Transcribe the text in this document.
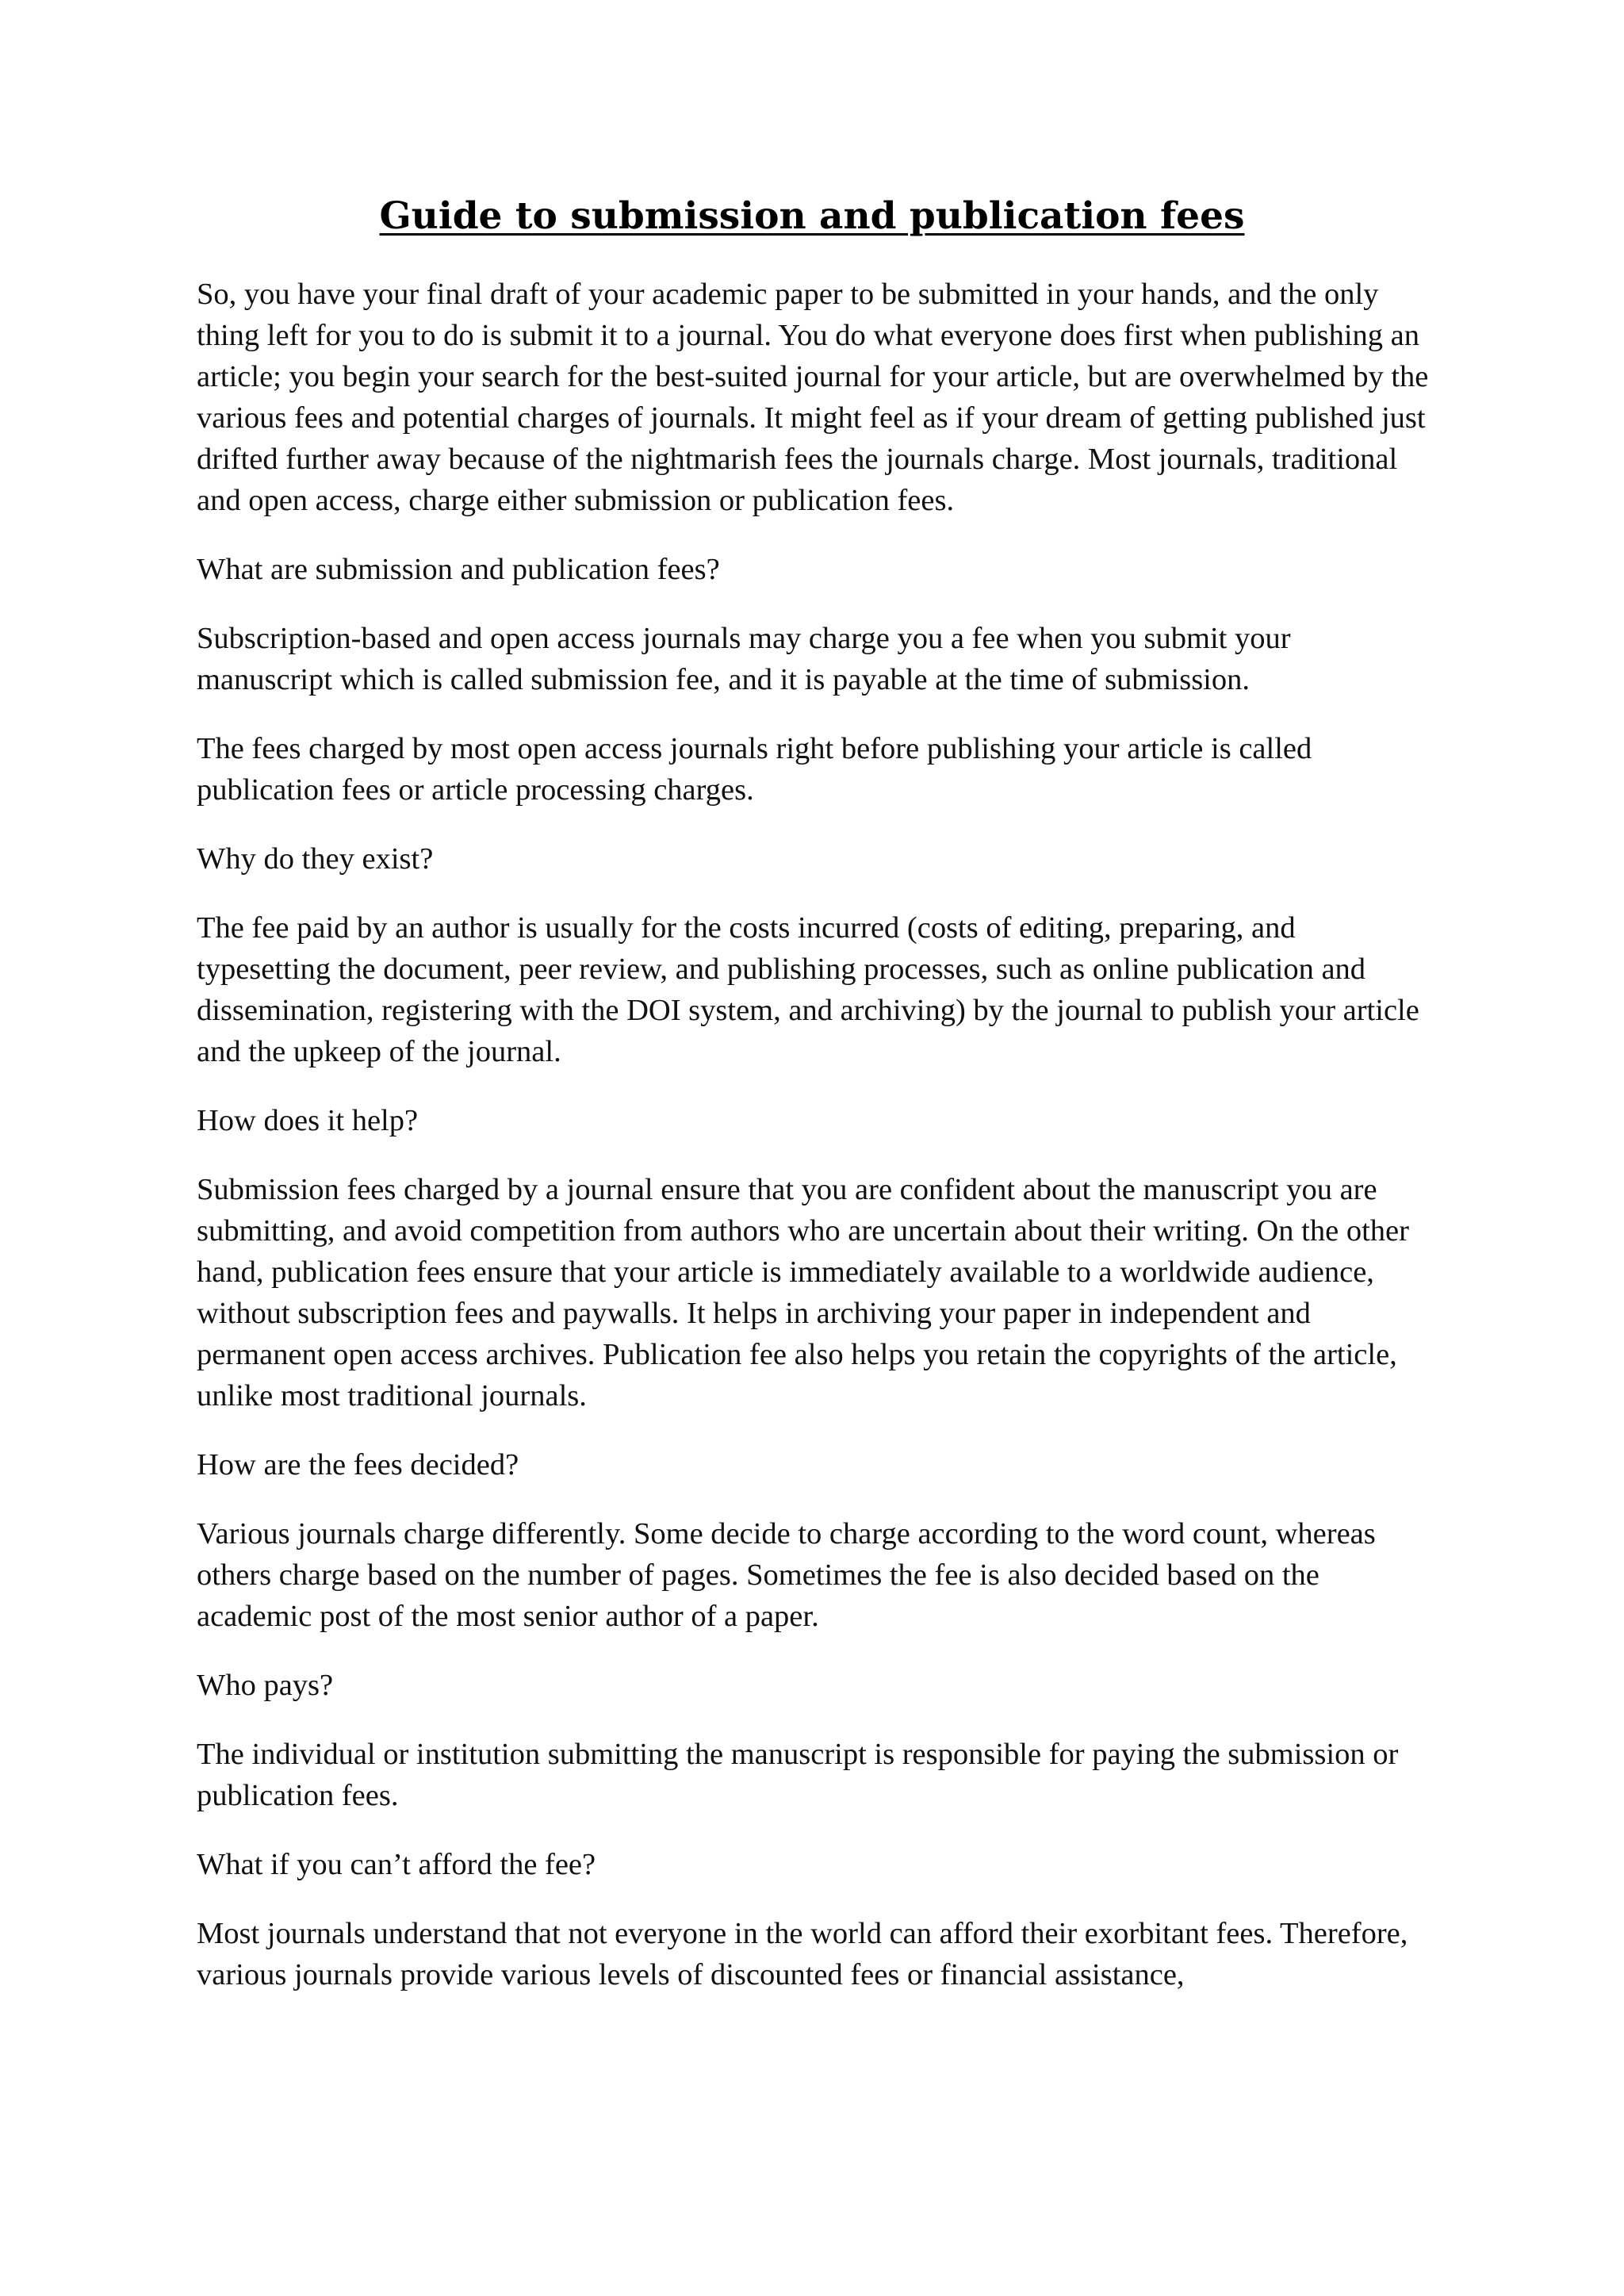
Guide to submission and publication fees

So, you have your final draft of your academic paper to be submitted in your hands, and the only thing left for you to do is submit it to a journal. You do what everyone does first when publishing an article; you begin your search for the best-suited journal for your article, but are overwhelmed by the various fees and potential charges of journals. It might feel as if your dream of getting published just drifted further away because of the nightmarish fees the journals charge. Most journals, traditional and open access, charge either submission or publication fees.

What are submission and publication fees?

Subscription-based and open access journals may charge you a fee when you submit your manuscript which is called submission fee, and it is payable at the time of submission.

The fees charged by most open access journals right before publishing your article is called publication fees or article processing charges.

Why do they exist?

The fee paid by an author is usually for the costs incurred (costs of editing, preparing, and typesetting the document, peer review, and publishing processes, such as online publication and dissemination, registering with the DOI system, and archiving) by the journal to publish your article and the upkeep of the journal.

How does it help?

Submission fees charged by a journal ensure that you are confident about the manuscript you are submitting, and avoid competition from authors who are uncertain about their writing. On the other hand, publication fees ensure that your article is immediately available to a worldwide audience, without subscription fees and paywalls. It helps in archiving your paper in independent and permanent open access archives. Publication fee also helps you retain the copyrights of the article, unlike most traditional journals.

How are the fees decided?

Various journals charge differently. Some decide to charge according to the word count, whereas others charge based on the number of pages. Sometimes the fee is also decided based on the academic post of the most senior author of a paper.

Who pays?

The individual or institution submitting the manuscript is responsible for paying the submission or publication fees.

What if you can’t afford the fee?

Most journals understand that not everyone in the world can afford their exorbitant fees. Therefore, various journals provide various levels of discounted fees or financial assistance,
